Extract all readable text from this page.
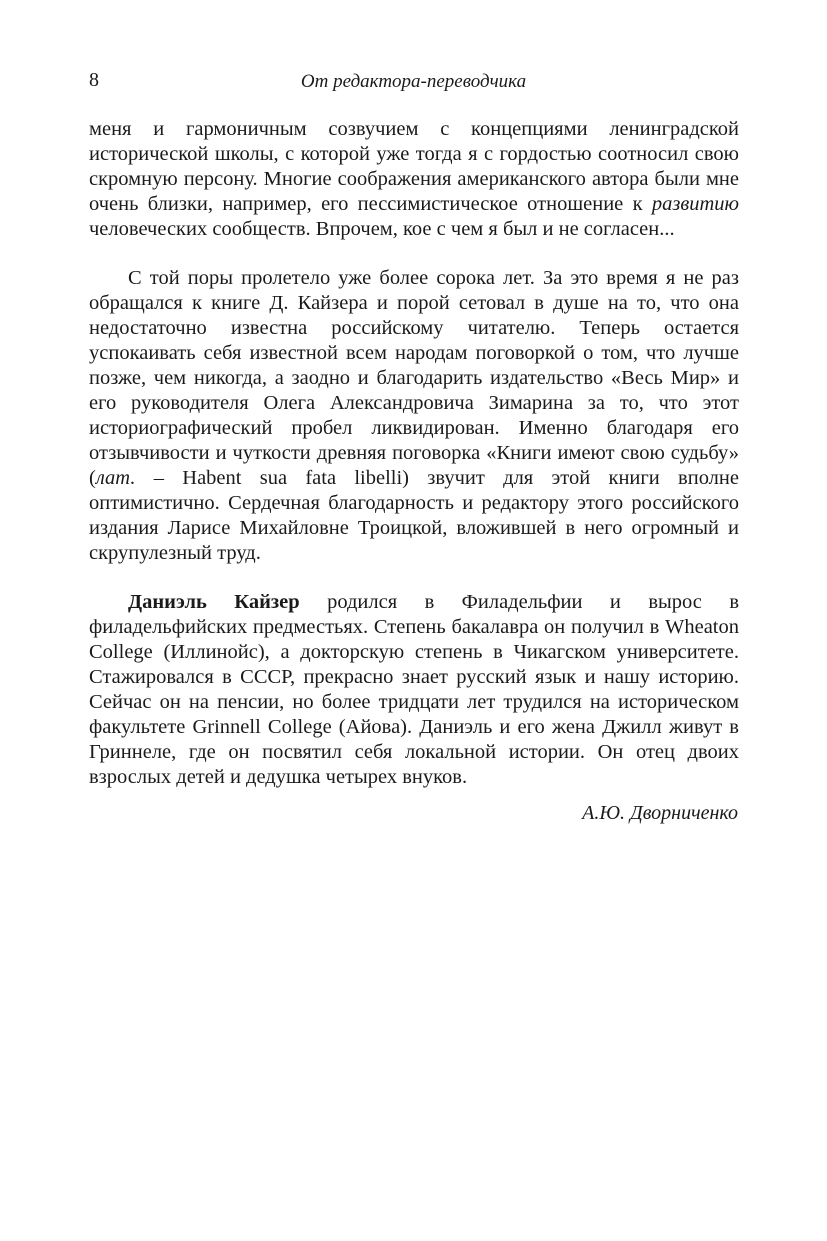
8	От редактора-переводчика

меня и гармоничным созвучием с концепциями ленинградской исторической школы, с которой уже тогда я с гордостью соотносил свою скромную персону. Многие соображения американского автора были мне очень близки, например, его пессимистическое отношение к развитию человеческих сообществ. Впрочем, кое с чем я был и не согласен...

С той поры пролетело уже более сорока лет. За это время я не раз обращался к книге Д. Кайзера и порой сетовал в душе на то, что она недостаточно известна российскому читателю. Теперь остается успокаивать себя известной всем народам поговоркой о том, что лучше позже, чем никогда, а заодно и благодарить издательство «Весь Мир» и его руководителя Олега Александровича Зимарина за то, что этот историографический пробел ликвидирован. Именно благодаря его отзывчивости и чуткости древняя поговорка «Книги имеют свою судьбу» (лат. – Habent sua fata libelli) звучит для этой книги вполне оптимистично. Сердечная благодарность и редактору этого российского издания Ларисе Михайловне Троицкой, вложившей в него огромный и скрупулезный труд.

Даниэль Кайзер родился в Филадельфии и вырос в филадельфийских предместьях. Степень бакалавра он получил в Wheaton College (Иллинойс), а докторскую степень в Чикагском университете. Стажировался в СССР, прекрасно знает русский язык и нашу историю. Сейчас он на пенсии, но более тридцати лет трудился на историческом факультете Grinnell College (Айова). Даниэль и его жена Джилл живут в Гриннеле, где он посвятил себя локальной истории. Он отец двоих взрослых детей и дедушка четырех внуков.

А.Ю. Дворниченко
